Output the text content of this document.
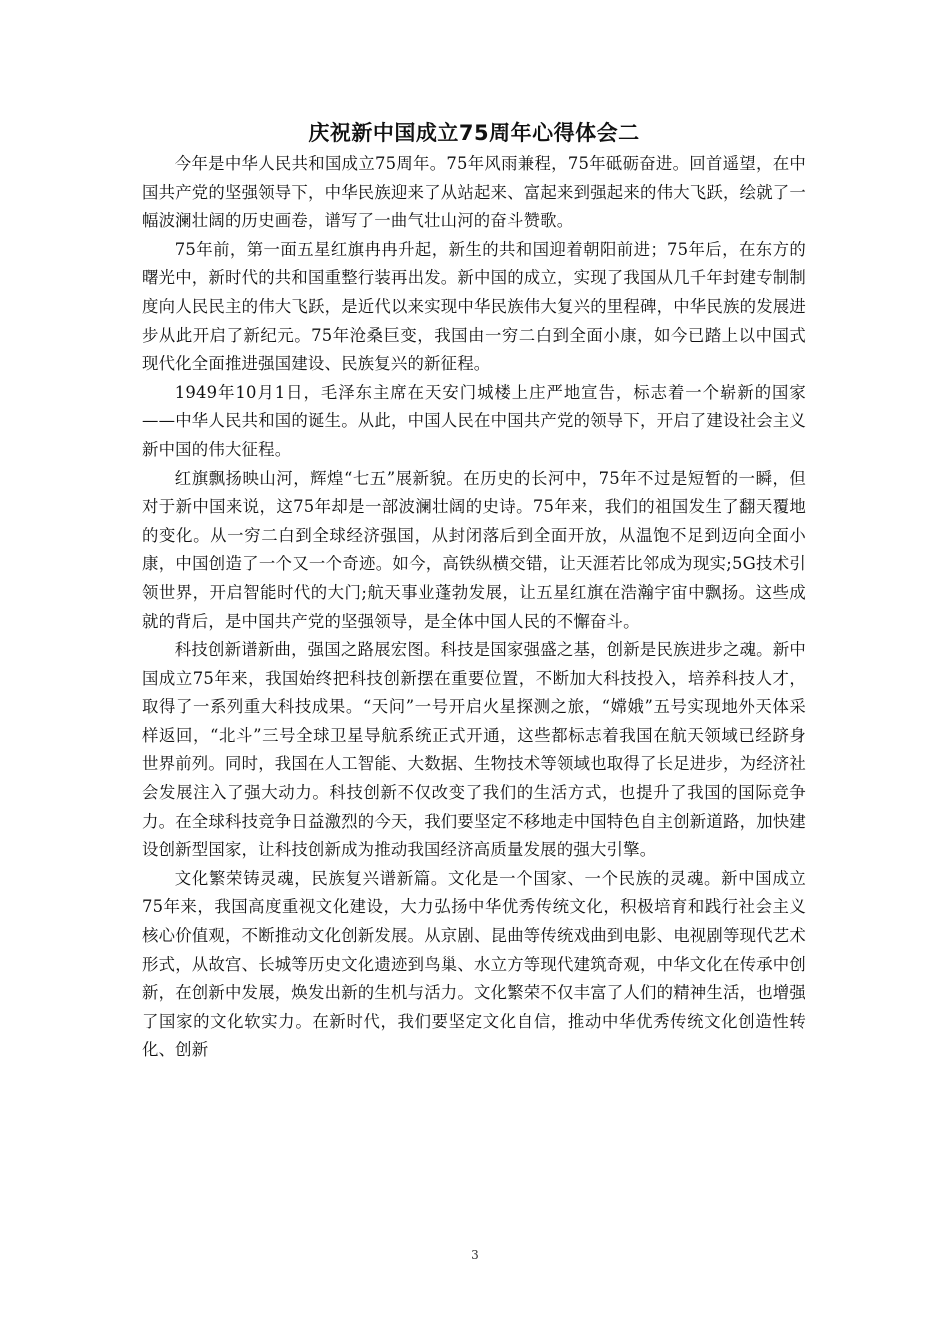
庆祝新中国成立75周年心得体会二

今年是中华人民共和国成立75周年。75年风雨兼程，75年砥砺奋进。回首遥望，在中国共产党的坚强领导下，中华民族迎来了从站起来、富起来到强起来的伟大飞跃，绘就了一幅波澜壮阔的历史画卷，谱写了一曲气壮山河的奋斗赞歌。

75年前，第一面五星红旗冉冉升起，新生的共和国迎着朝阳前进；75年后，在东方的曙光中，新时代的共和国重整行装再出发。新中国的成立，实现了我国从几千年封建专制制度向人民民主的伟大飞跃，是近代以来实现中华民族伟大复兴的里程碑，中华民族的发展进步从此开启了新纪元。75年沧桑巨变，我国由一穷二白到全面小康，如今已踏上以中国式现代化全面推进强国建设、民族复兴的新征程。

1949年10月1日，毛泽东主席在天安门城楼上庄严地宣告，标志着一个崭新的国家——中华人民共和国的诞生。从此，中国人民在中国共产党的领导下，开启了建设社会主义新中国的伟大征程。

红旗飘扬映山河，辉煌“七五”展新貌。在历史的长河中，75年不过是短暂的一瞬，但对于新中国来说，这75年却是一部波澜壮阔的史诗。75年来，我们的祖国发生了翻天覆地的变化。从一穷二白到全球经济强国，从封闭落后到全面开放，从温饱不足到迈向全面小康，中国创造了一个又一个奇迹。如今，高铁纵横交错，让天涯若比邻成为现实;5G技术引领世界，开启智能时代的大门;航天事业蓬勃发展，让五星红旗在浩瀚宇宙中飘扬。这些成就的背后，是中国共产党的坚强领导，是全体中国人民的不懈奋斗。

科技创新谱新曲，强国之路展宏图。科技是国家强盛之基，创新是民族进步之魂。新中国成立75年来，我国始终把科技创新摆在重要位置，不断加大科技投入，培养科技人才，取得了一系列重大科技成果。“天问”一号开启火星探测之旅，“嫦娥”五号实现地外天体采样返回，“北斗”三号全球卫星导航系统正式开通，这些都标志着我国在航天领域已经跻身世界前列。同时，我国在人工智能、大数据、生物技术等领域也取得了长足进步，为经济社会发展注入了强大动力。科技创新不仅改变了我们的生活方式，也提升了我国的国际竞争力。在全球科技竞争日益激烈的今天，我们要坚定不移地走中国特色自主创新道路，加快建设创新型国家，让科技创新成为推动我国经济高质量发展的强大引擎。

文化繁荣铸灵魂，民族复兴谱新篇。文化是一个国家、一个民族的灵魂。新中国成立75年来，我国高度重视文化建设，大力弘扬中华优秀传统文化，积极培育和践行社会主义核心价值观，不断推动文化创新发展。从京剧、昆曲等传统戏曲到电影、电视剧等现代艺术形式，从故宫、长城等历史文化遗迹到鸟巢、水立方等现代建筑奇观，中华文化在传承中创新，在创新中发展，焕发出新的生机与活力。文化繁荣不仅丰富了人们的精神生活，也增强了国家的文化软实力。在新时代，我们要坚定文化自信，推动中华优秀传统文化创造性转化、创新

3
